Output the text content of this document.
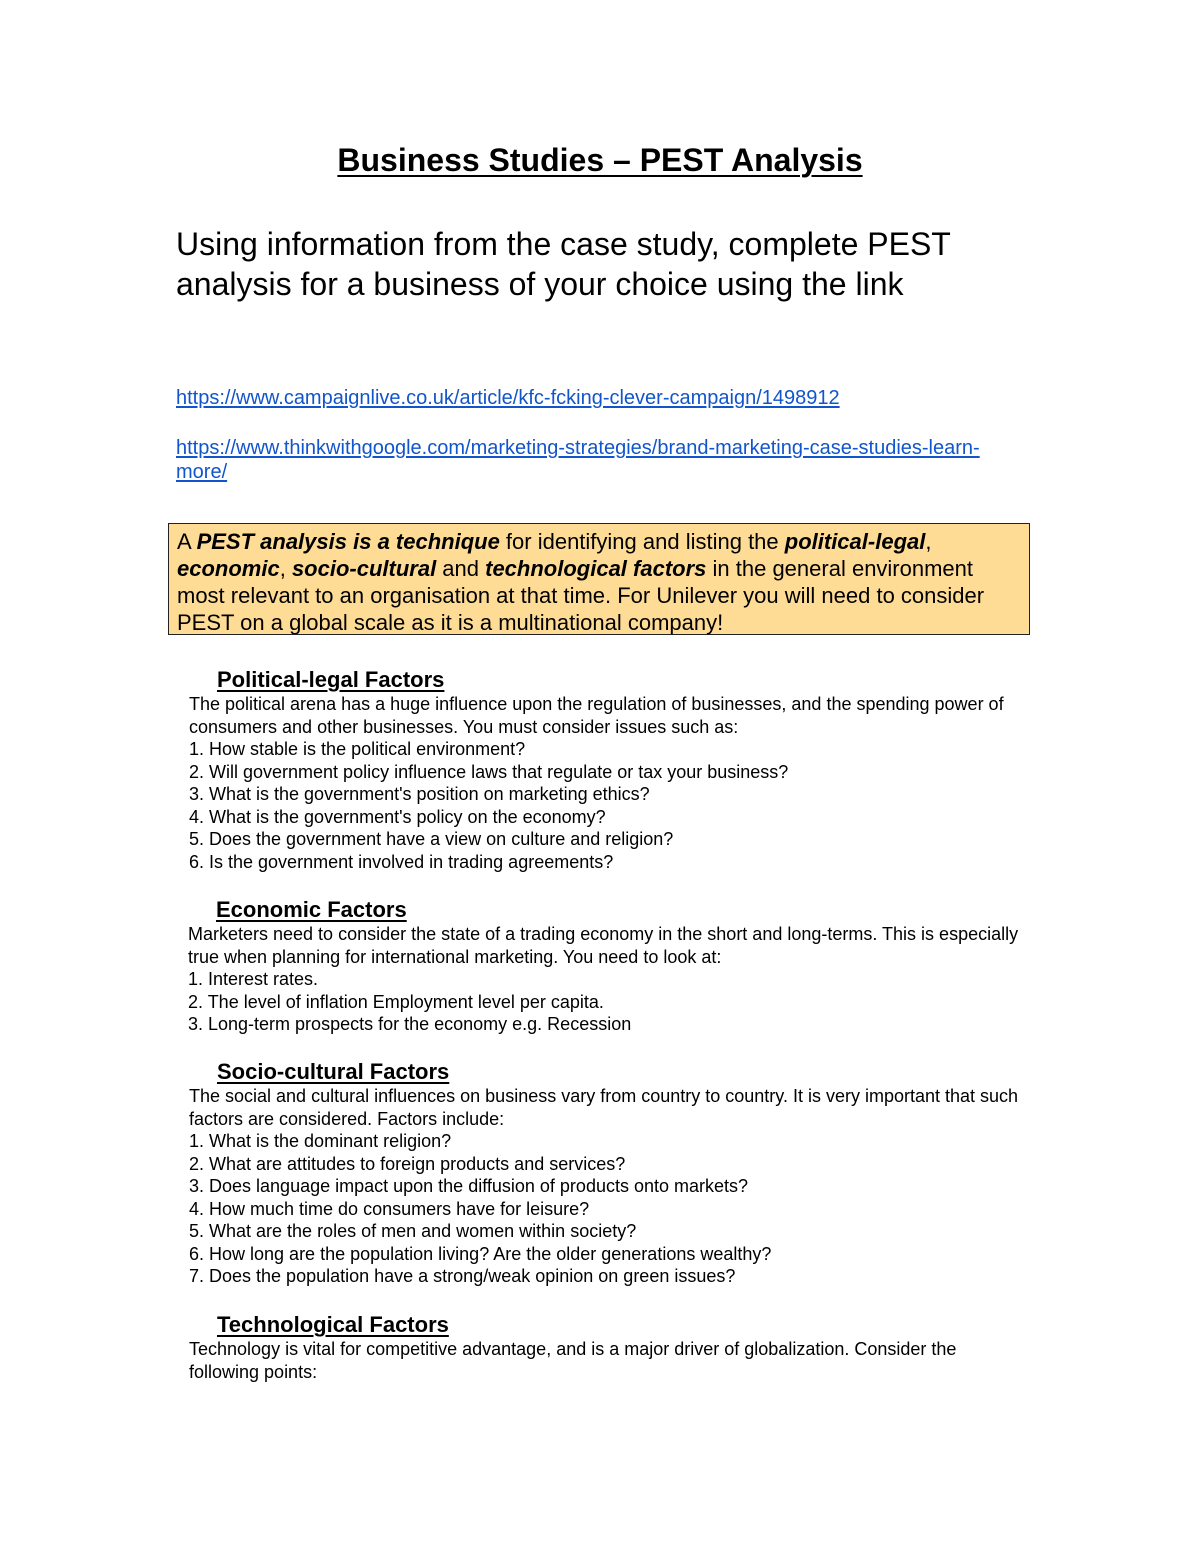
Business Studies – PEST Analysis
Using information from the case study, complete PEST analysis for a business of your choice using the link
https://www.campaignlive.co.uk/article/kfc-fcking-clever-campaign/1498912
https://www.thinkwithgoogle.com/marketing-strategies/brand-marketing-case-studies-learn-more/
A PEST analysis is a technique for identifying and listing the political-legal, economic, socio-cultural and technological factors in the general environment most relevant to an organisation at that time. For Unilever you will need to consider PEST on a global scale as it is a multinational company!
Political-legal Factors

The political arena has a huge influence upon the regulation of businesses, and the spending power of consumers and other businesses. You must consider issues such as:

1. How stable is the political environment?
2. Will government policy influence laws that regulate or tax your business?
3. What is the government's position on marketing ethics?
4. What is the government's policy on the economy?
5. Does the government have a view on culture and religion?
6. Is the government involved in trading agreements?
Economic Factors

Marketers need to consider the state of a trading economy in the short and long-terms. This is especially true when planning for international marketing. You need to look at:

1. Interest rates.
2. The level of inflation Employment level per capita.
3. Long-term prospects for the economy e.g. Recession
Socio-cultural Factors

The social and cultural influences on business vary from country to country. It is very important that such factors are considered. Factors include:

1. What is the dominant religion?
2. What are attitudes to foreign products and services?
3. Does language impact upon the diffusion of products onto markets?
4. How much time do consumers have for leisure?
5. What are the roles of men and women within society?
6. How long are the population living? Are the older generations wealthy?
7. Does the population have a strong/weak opinion on green issues?
Technological Factors

Technology is vital for competitive advantage, and is a major driver of globalization. Consider the following points:
